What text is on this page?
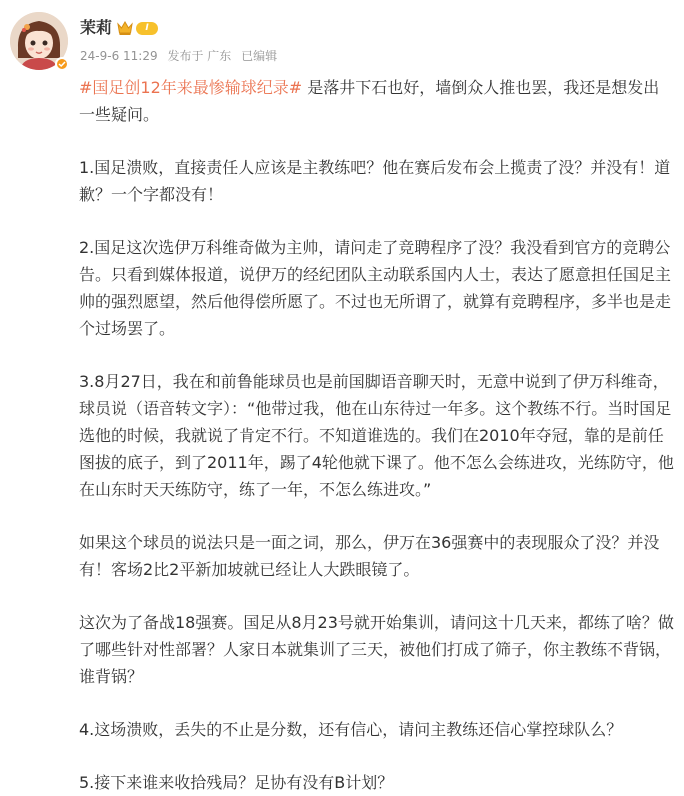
茉莉	I
24-9-6 11:29 发布于 广东 已编辑

#国足创12年来最惨输球纪录# 是落井下石也好，墙倒众人推也罢，我还是想发出一些疑问。

1.国足溃败，直接责任人应该是主教练吧？他在赛后发布会上揽责了没？并没有！道歉？一个字都没有！

2.国足这次选伊万科维奇做为主帅，请问走了竞聘程序了没？我没看到官方的竞聘公告。只看到媒体报道，说伊万的经纪团队主动联系国内人士，表达了愿意担任国足主帅的强烈愿望，然后他得偿所愿了。不过也无所谓了，就算有竞聘程序，多半也是走个过场罢了。

3.8月27日，我在和前鲁能球员也是前国脚语音聊天时，无意中说到了伊万科维奇，球员说（语音转文字）：“他带过我，他在山东待过一年多。这个教练不行。当时国足选他的时候，我就说了肯定不行。不知道谁选的。我们在2010年夺冠，靠的是前任图拔的底子，到了2011年，踢了4轮他就下课了。他不怎么会练进攻，光练防守，他在山东时天天练防守，练了一年，不怎么练进攻。”

如果这个球员的说法只是一面之词，那么，伊万在36强赛中的表现服众了没？并没有！客场2比2平新加坡就已经让人大跌眼镜了。

这次为了备战18强赛。国足从8月23号就开始集训，请问这十几天来，都练了啥？做了哪些针对性部署？人家日本就集训了三天，被他们打成了筛子，你主教练不背锅，谁背锅？

4.这场溃败，丢失的不止是分数，还有信心，请问主教练还信心掌控球队么？

5.接下来谁来收拾残局？足协有没有B计划？
